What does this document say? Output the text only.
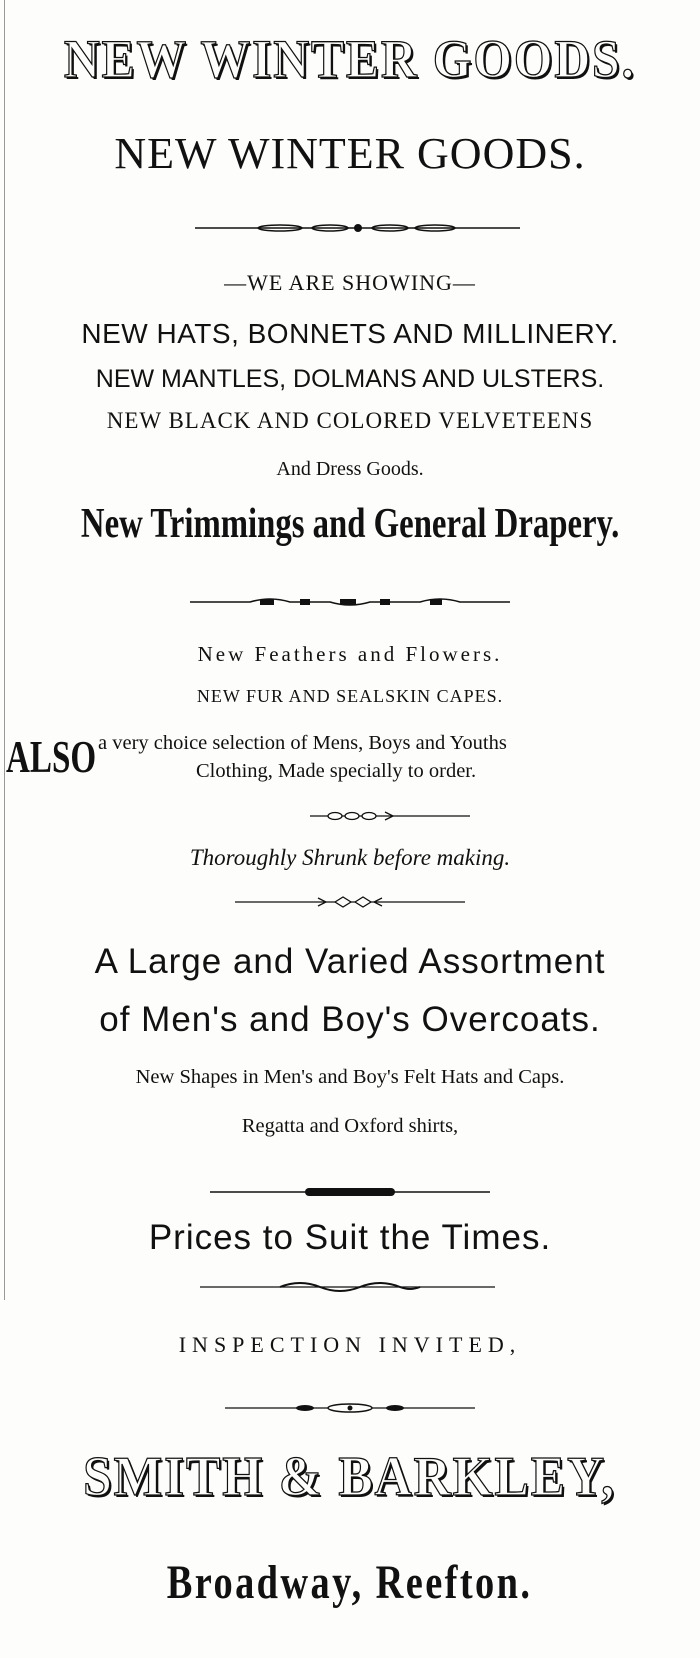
NEW WINTER GOODS.
NEW WINTER GOODS.
—WE ARE SHOWING—
NEW HATS, BONNETS AND MILLINERY.
NEW MANTLES, DOLMANS AND ULSTERS.
NEW BLACK AND COLORED VELVETEENS
And Dress Goods.
New Trimmings and General Drapery.
New Feathers and Flowers.
NEW FUR AND SEALSKIN CAPES.
ALSO a very choice selection of Mens, Boys and Youths
Clothing, Made specially to order.
Thoroughly Shrunk before making.
A Large and Varied Assortment
of Men's and Boy's Overcoats.
New Shapes in Men's and Boy's Felt Hats and Caps.
Regatta and Oxford shirts,
Prices to Suit the Times.
INSPECTION INVITED,
SMITH & BARKLEY,
Broadway, Reefton.
